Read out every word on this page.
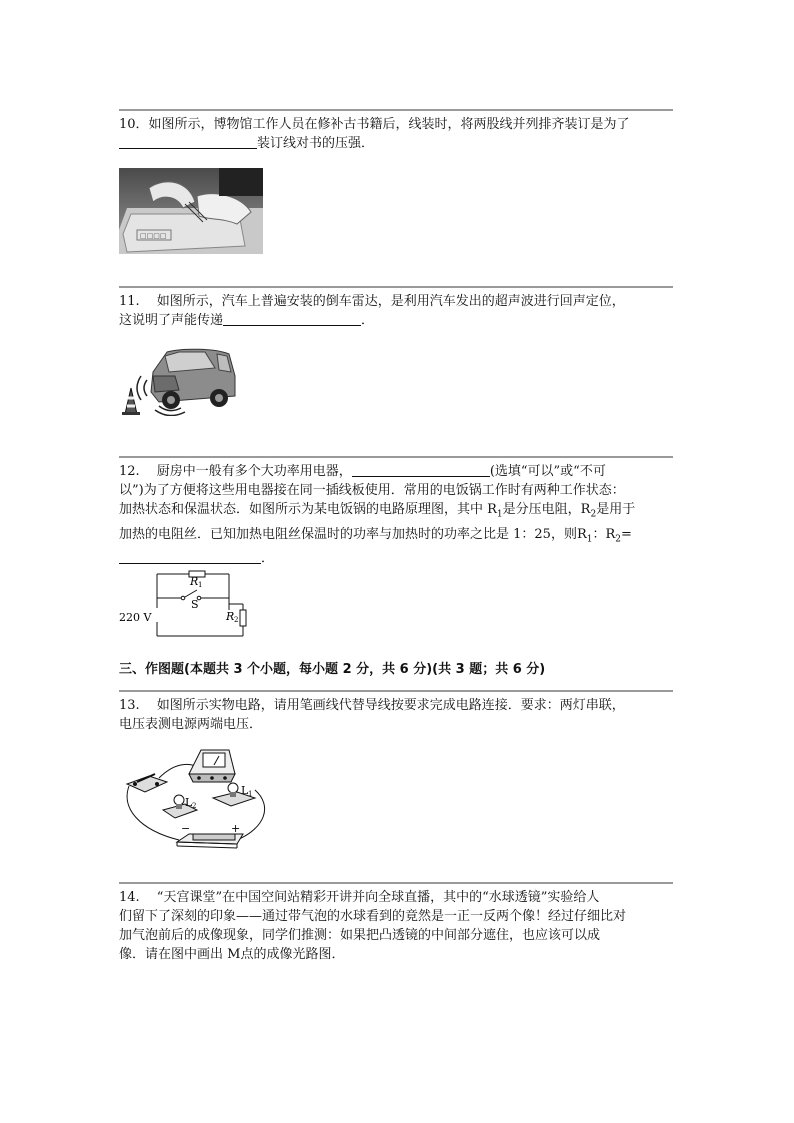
10．如图所示，博物馆工作人员在修补古书籍后，线装时，将两股线并列排齐装订是为了
装订线对书的压强．
□□□□
11.　 如图所示，汽车上普遍安装的倒车雷达，是利用汽车发出的超声波进行回声定位，
这说明了声能传递	．
12.　 厨房中一般有多个大功率用电器，	(选填“可以”或“不可
以”)为了方便将这些用电器接在同一插线板使用．常用的电饭锅工作时有两种工作状态：
加热状态和保温状态．如图所示为某电饭锅的电路原理图，其中 $R_1$是分压电阻，$R_2$是用于
加热的电阻丝．已知加热电阻丝保温时的功率与加热时的功率之比是 1：25，则$R_1$：$R_2=$
．
R 1
S
220 V	R 2
三、作图题(本题共 3 个小题，每小题 2 分，共 6 分)(共 3 题；共 6 分)
13.　 如图所示实物电路，请用笔画线代替导线按要求完成电路连接．要求：两灯串联，
电压表测电源两端电压．
L 2
L 1
−	+
14.　 “天宫课堂”在中国空间站精彩开讲并向全球直播，其中的“水球透镜”实验给人
们留下了深刻的印象——通过带气泡的水球看到的竟然是一正一反两个像！经过仔细比对
加气泡前后的成像现象，同学们推测：如果把凸透镜的中间部分遮住，也应该可以成
像．请在图中画出 M点的成像光路图．
